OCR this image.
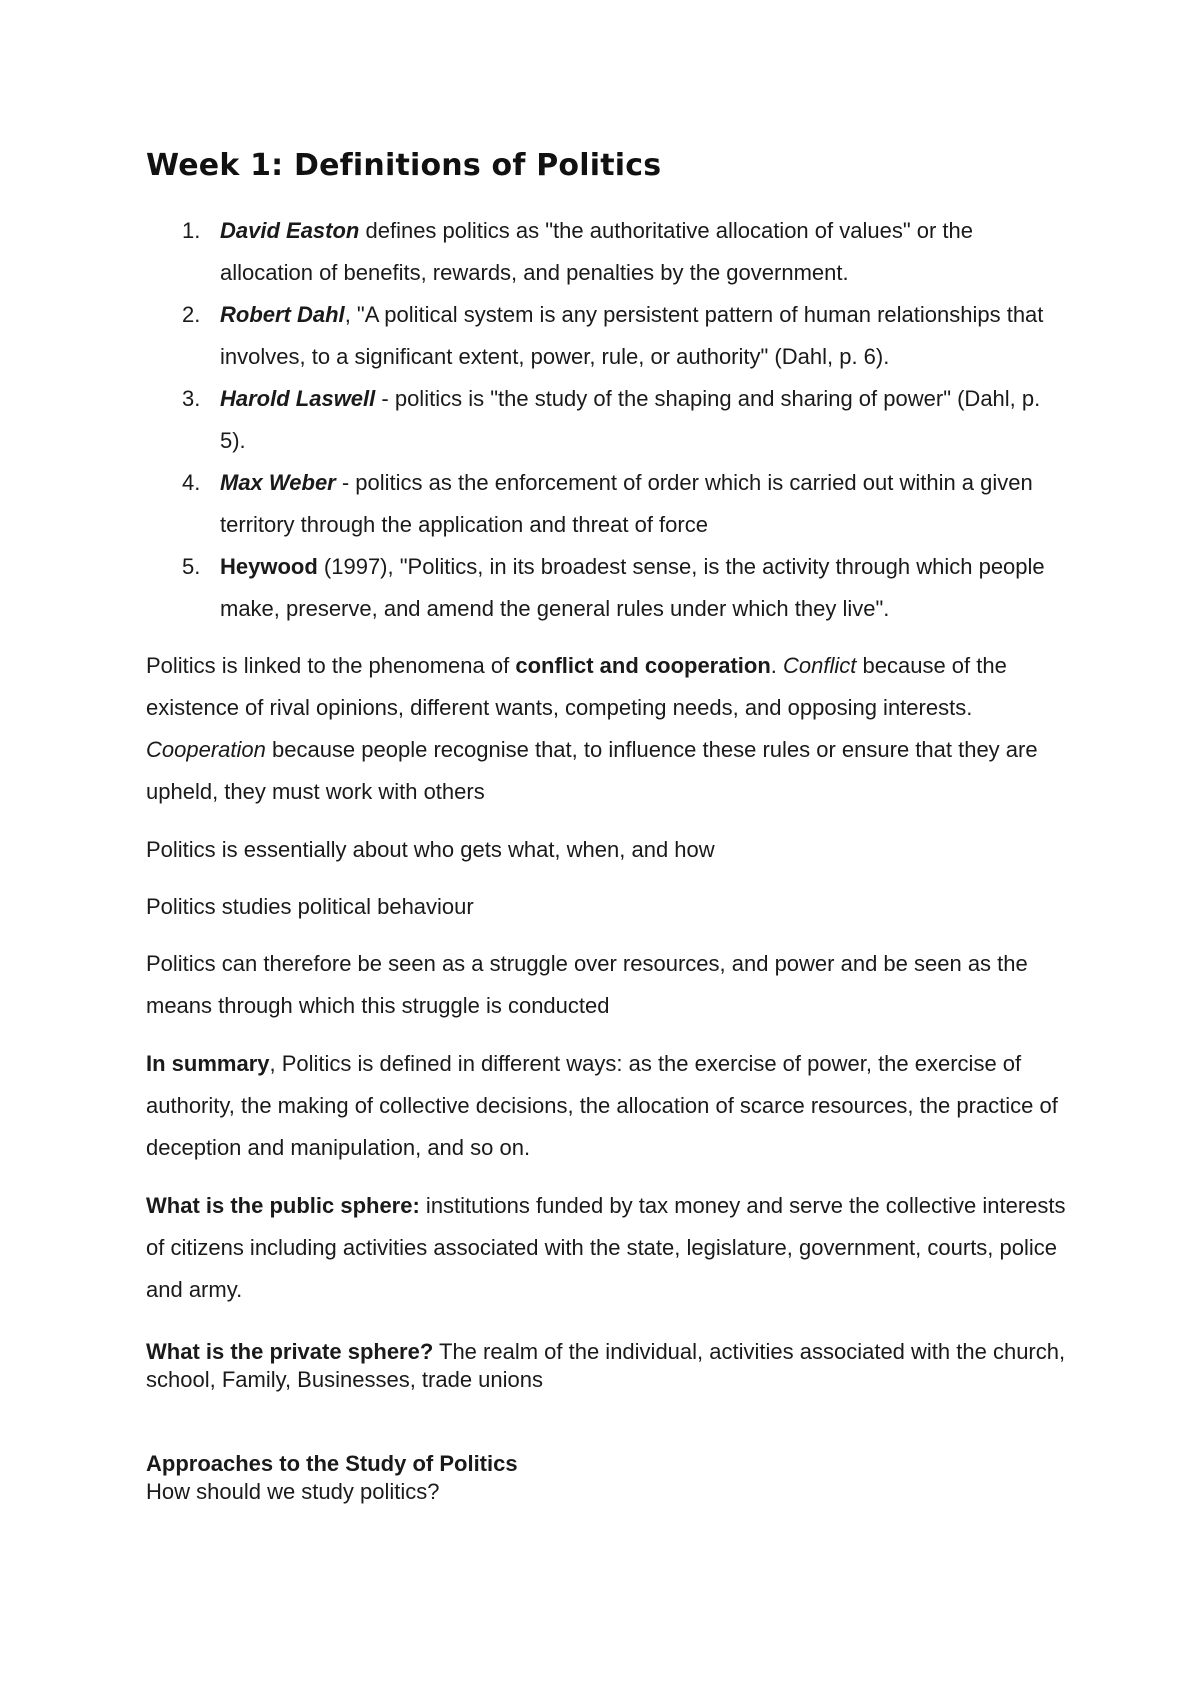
Week 1: Definitions of Politics
1. David Easton defines politics as "the authoritative allocation of values" or the allocation of benefits, rewards, and penalties by the government.
2. Robert Dahl, "A political system is any persistent pattern of human relationships that involves, to a significant extent, power, rule, or authority" (Dahl, p. 6).
3. Harold Laswell - politics is "the study of the shaping and sharing of power" (Dahl, p. 5).
4. Max Weber - politics as the enforcement of order which is carried out within a given territory through the application and threat of force
5. Heywood (1997), "Politics, in its broadest sense, is the activity through which people make, preserve, and amend the general rules under which they live".

Politics is linked to the phenomena of conflict and cooperation. Conflict because of the existence of rival opinions, different wants, competing needs, and opposing interests. Cooperation because people recognise that, to influence these rules or ensure that they are upheld, they must work with others

Politics is essentially about who gets what, when, and how

Politics studies political behaviour

Politics can therefore be seen as a struggle over resources, and power and be seen as the means through which this struggle is conducted

In summary, Politics is defined in different ways: as the exercise of power, the exercise of authority, the making of collective decisions, the allocation of scarce resources, the practice of deception and manipulation, and so on.

What is the public sphere: institutions funded by tax money and serve the collective interests of citizens including activities associated with the state, legislature, government, courts, police and army.

What is the private sphere? The realm of the individual, activities associated with the church, school, Family, Businesses, trade unions

Approaches to the Study of Politics
How should we study politics?
